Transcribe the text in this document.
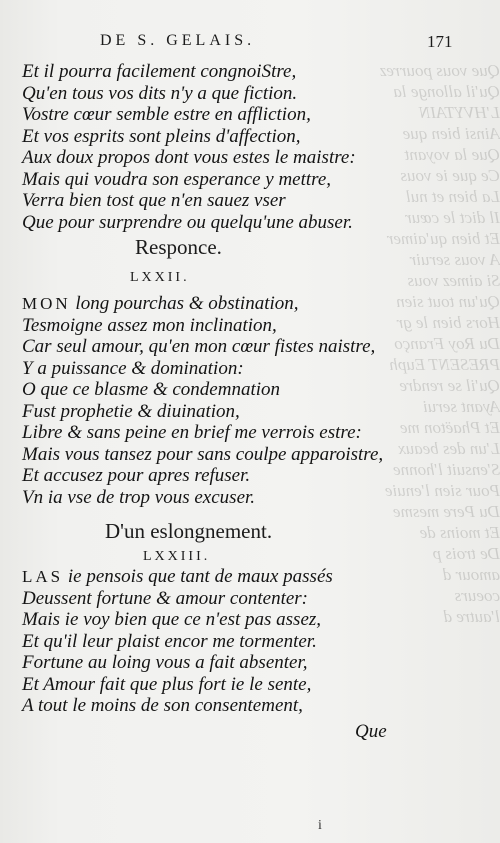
Que vous pourrez
Qu'il allonge la
L'HVYTAIN
Ainsi bien que
Que la voyant
Ce que ie vous
La bien et nul
Il dict le cœur
Et bien qu'aimer
A vous seruir
Si aimez vous
Qu'un tout sien
Hors bien le gr
Du Roy Franço
PRESENT Euph
Qu'il se rendre
Ayant serui
Et Phaëton me
L'un des beaux
S'ensuit l'honne
Pour sien l'enuie
Du Pere mesme
Et moins de
De trois p
amour d
coeurs
l'autre d
DE S. GELAIS.	171
Et il pourra facilement congnoiStre,
Qu'en tous vos dits n'y a que fiction.
Vostre cœur semble estre en affliction,
Et vos esprits sont pleins d'affection,
Aux doux propos dont vous estes le maistre:
Mais qui voudra son esperance y mettre,
Verra bien tost que n'en sauez vser
Que pour surprendre ou quelqu'une abuser.
Responce.
LXXII.
MON long pourchas & obstination,
Tesmoigne assez mon inclination,
Car seul amour, qu'en mon cœur fistes naistre,
Y a puissance & domination:
O que ce blasme & condemnation
Fust prophetie & diuination,
Libre & sans peine en brief me verrois estre:
Mais vous tansez pour sans coulpe apparoistre,
Et accusez pour apres refuser.
Vn ia vse de trop vous excuser.
D'un eslongnement.
LXXIII.
LAS ie pensois que tant de maux passés
Deussent fortune & amour contenter:
Mais ie voy bien que ce n'est pas assez,
Et qu'il leur plaist encor me tormenter.
Fortune au loing vous a fait absenter,
Et Amour fait que plus fort ie le sente,
A tout le moins de son consentement,
Que
i
